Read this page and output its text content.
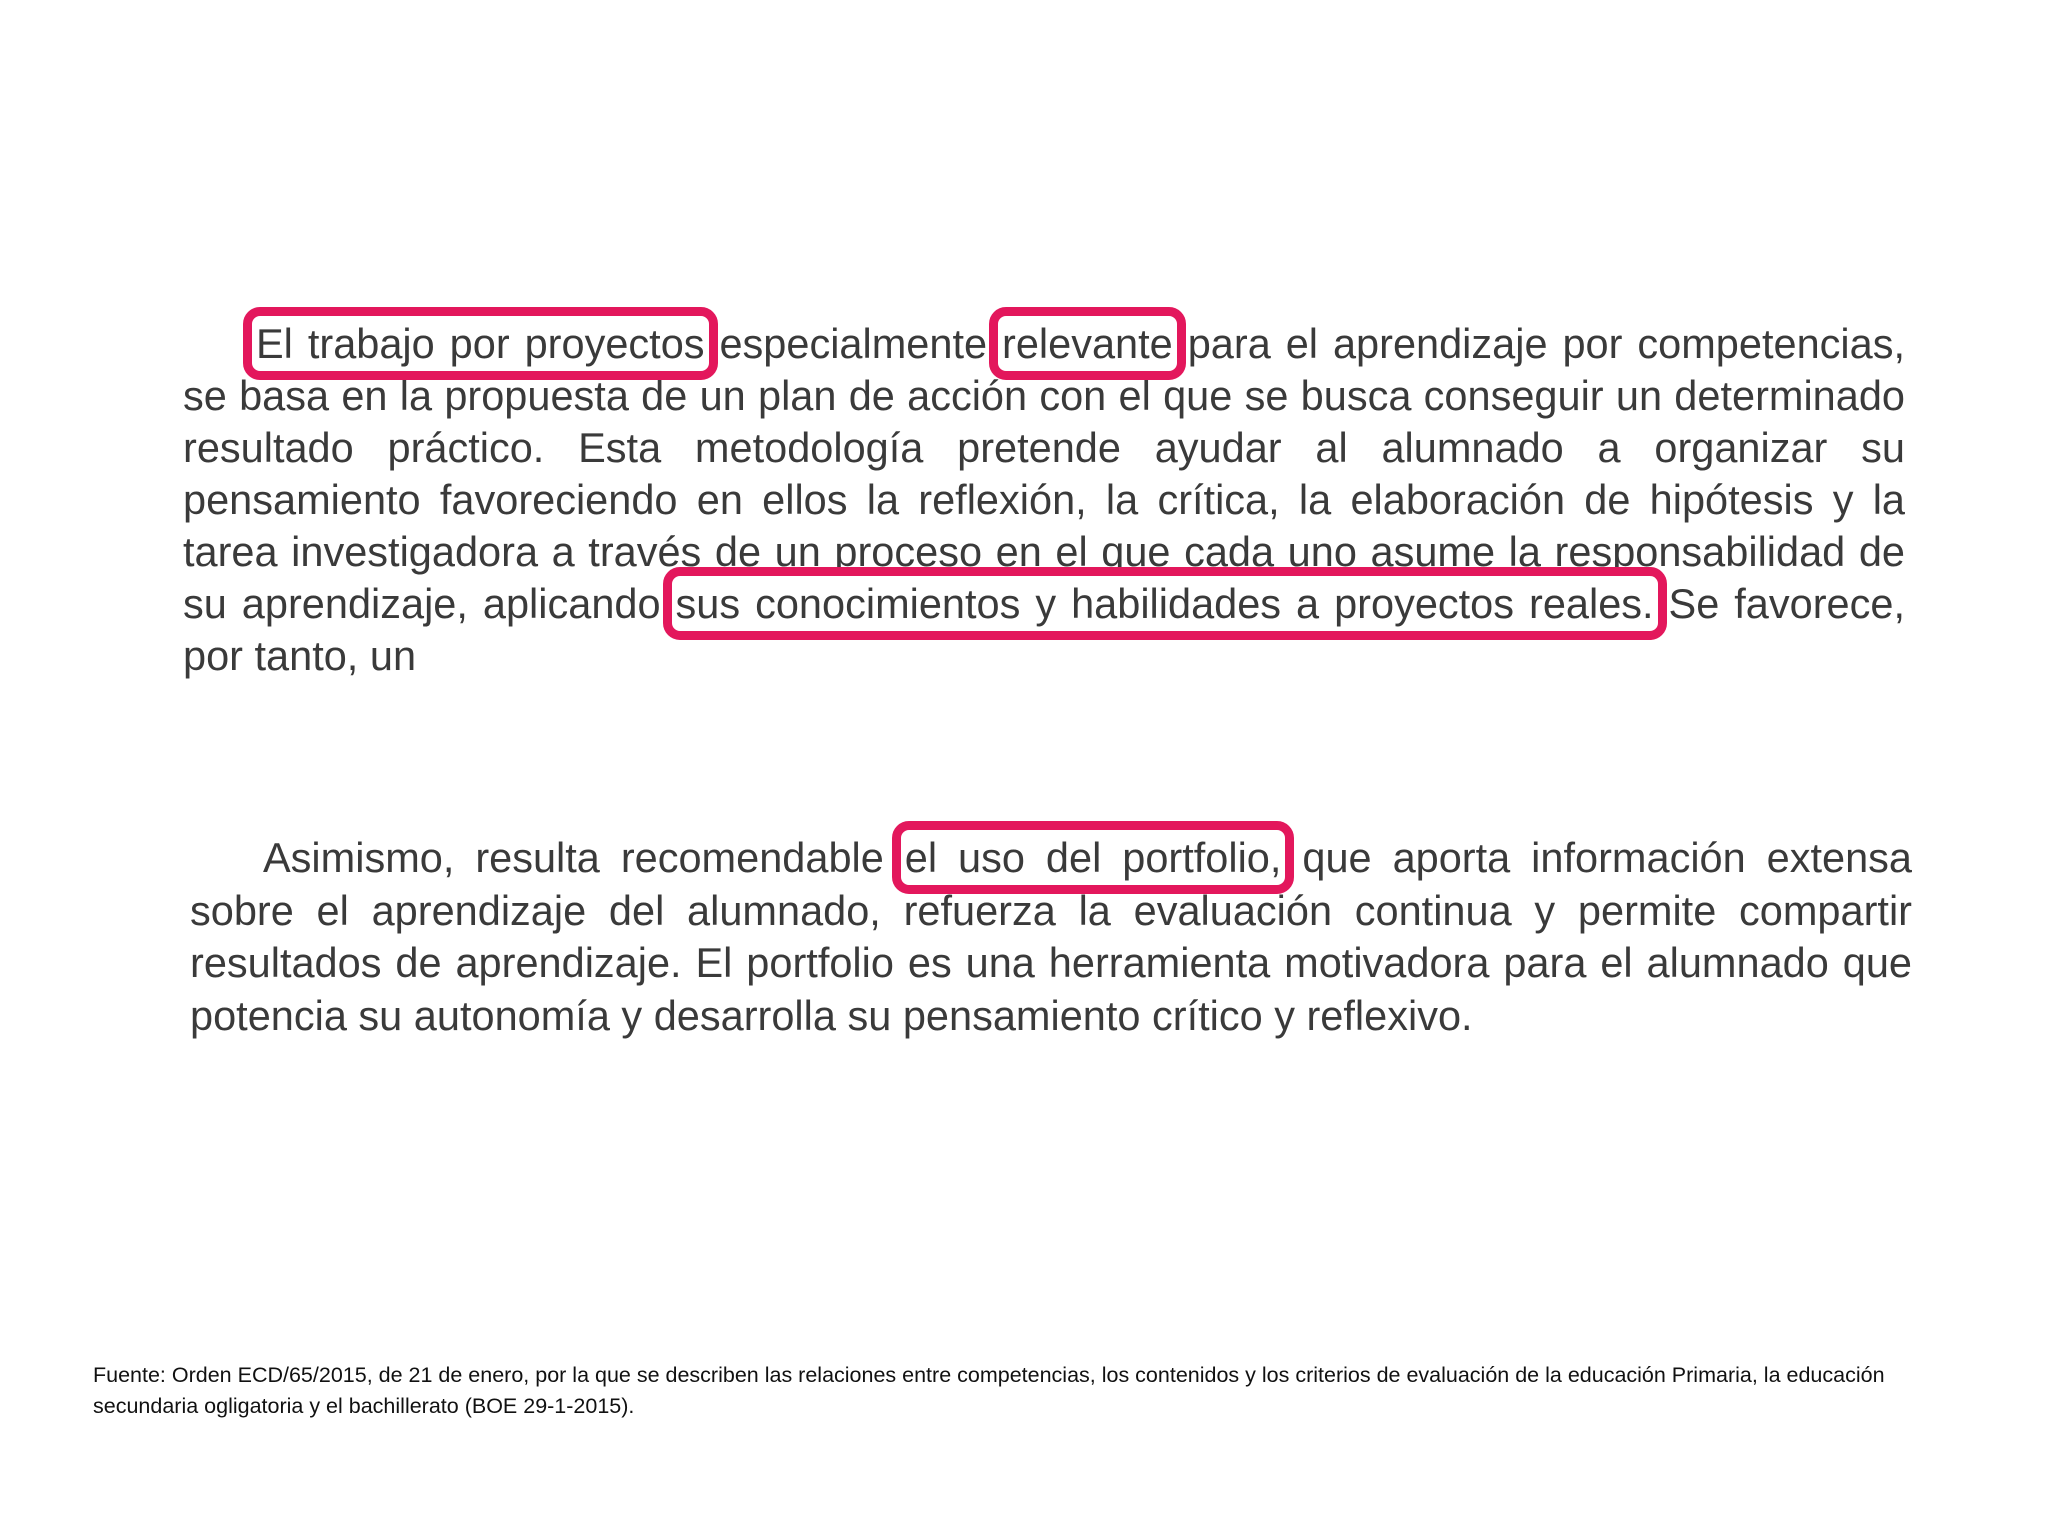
El trabajo por proyectos especialmente relevante para el aprendizaje por competencias, se basa en la propuesta de un plan de acción con el que se busca conseguir un determinado resultado práctico. Esta metodología pretende ayudar al alumnado a organizar su pensamiento favoreciendo en ellos la reflexión, la crítica, la elaboración de hipótesis y la tarea investigadora a través de un proceso en el que cada uno asume la responsabilidad de su aprendizaje, aplicando sus conocimientos y habilidades a proyectos reales. Se favorece, por tanto, un

Asimismo, resulta recomendable el uso del portfolio, que aporta información extensa sobre el aprendizaje del alumnado, refuerza la evaluación continua y permite compartir resultados de aprendizaje. El portfolio es una herramienta motivadora para el alumnado que potencia su autonomía y desarrolla su pensamiento crítico y reflexivo.

Fuente: Orden ECD/65/2015, de 21 de enero, por la que se describen las relaciones entre competencias, los contenidos y los criterios de evaluación de la educación Primaria, la educación secundaria ogligatoria y el bachillerato (BOE 29-1-2015).
